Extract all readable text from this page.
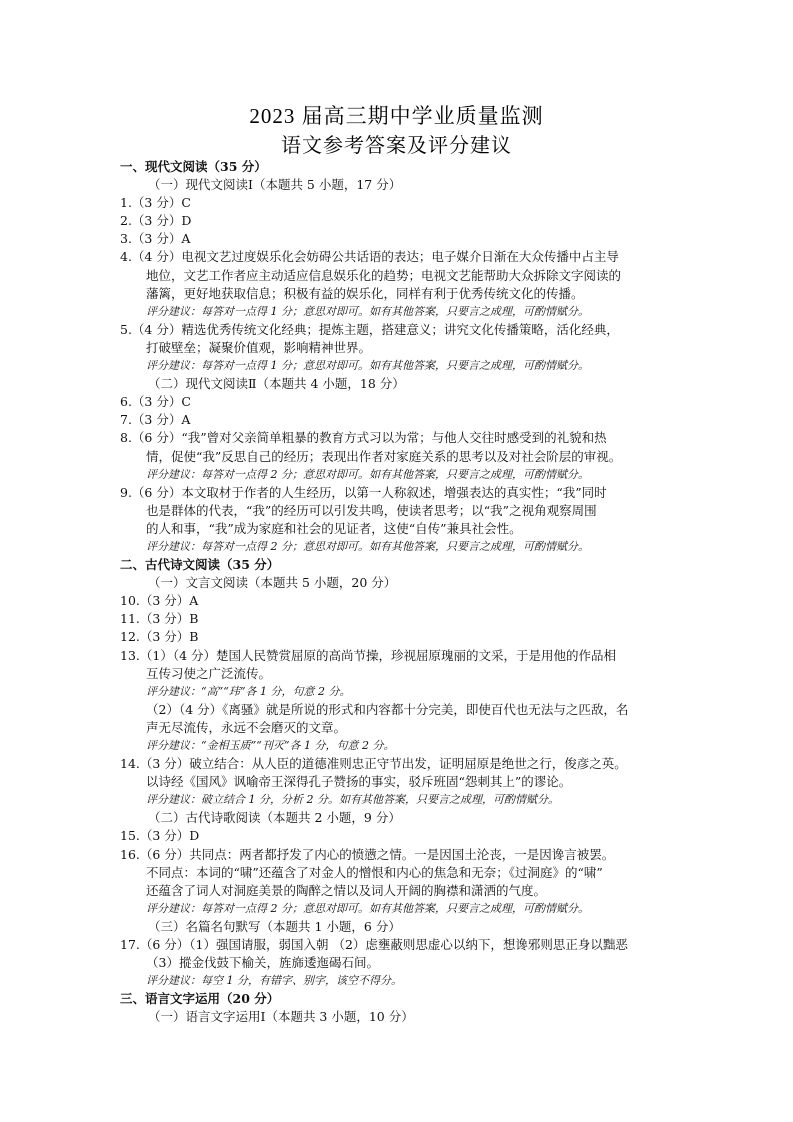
2023 届高三期中学业质量监测
语文参考答案及评分建议
一、现代文阅读（35 分）
（一）现代文阅读Ⅰ（本题共 5 小题，17 分）
1.（3 分）C
2.（3 分）D
3.（3 分）A
4.（4 分）电视文艺过度娱乐化会妨碍公共话语的表达；电子媒介日渐在大众传播中占主导
地位，文艺工作者应主动适应信息娱乐化的趋势；电视文艺能帮助大众拆除文字阅读的
藩篱，更好地获取信息；积极有益的娱乐化，同样有利于优秀传统文化的传播。
评分建议：每答对一点得 1 分；意思对即可。如有其他答案，只要言之成理，可酌情赋分。
5.（4 分）精选优秀传统文化经典；提炼主题，搭建意义；讲究文化传播策略，活化经典，
打破壁垒；凝聚价值观，影响精神世界。
评分建议：每答对一点得 1 分；意思对即可。如有其他答案，只要言之成理，可酌情赋分。
（二）现代文阅读Ⅱ（本题共 4 小题，18 分）
6.（3 分）C
7.（3 分）A
8.（6 分）“我”曾对父亲简单粗暴的教育方式习以为常；与他人交往时感受到的礼貌和热
情，促使“我”反思自己的经历；表现出作者对家庭关系的思考以及对社会阶层的审视。
评分建议：每答对一点得 2 分；意思对即可。如有其他答案，只要言之成理，可酌情赋分。
9.（6 分）本文取材于作者的人生经历，以第一人称叙述，增强表达的真实性；“我”同时
也是群体的代表，“我”的经历可以引发共鸣，使读者思考；以“我”之视角观察周围
的人和事，“我”成为家庭和社会的见证者，这使“自传”兼具社会性。
评分建议：每答对一点得 2 分；意思对即可。如有其他答案，只要言之成理，可酌情赋分。
二、古代诗文阅读（35 分）
（一）文言文阅读（本题共 5 小题，20 分）
10.（3 分）A
11.（3 分）B
12.（3 分）B
13.（1）（4 分）楚国人民赞赏屈原的高尚节操，珍视屈原瑰丽的文采，于是用他的作品相
互传习使之广泛流传。
评分建议：“高”“玮”各 1 分，句意 2 分。
（2）（4 分）《离骚》就是所说的形式和内容都十分完美，即使百代也无法与之匹敌，名
声无尽流传，永远不会磨灭的文章。
评分建议：“金相玉质”“刊灭”各 1 分，句意 2 分。
14.（3 分）破立结合：从人臣的道德准则忠正守节出发，证明屈原是绝世之行，俊彦之英。
以诗经《国风》讽喻帝王深得孔子赞扬的事实，驳斥班固“怨刺其上”的谬论。
评分建议：破立结合 1 分，分析 2 分。如有其他答案，只要言之成理，可酌情赋分。
（二）古代诗歌阅读（本题共 2 小题，9 分）
15.（3 分）D
16.（6 分）共同点：两者都抒发了内心的愤懑之情。一是因国土沦丧，一是因谗言被罢。
不同点：本词的“啸”还蕴含了对金人的憎恨和内心的焦急和无奈；《过洞庭》的“啸”
还蕴含了词人对洞庭美景的陶醉之情以及词人开阔的胸襟和潇洒的气度。
评分建议：每答对一点得 2 分；意思对即可。如有其他答案，只要言之成理，可酌情赋分。
（三）名篇名句默写（本题共 1 小题，6 分）
17.（6 分）（1）强国请服，弱国入朝 （2）虑壅蔽则思虚心以纳下，想谗邪则思正身以黜恶
（3）摐金伐鼓下榆关，旌旆逶迤碣石间。
评分建议：每空 1 分，有错字、别字，该空不得分。
三、语言文字运用（20 分）
（一）语言文字运用Ⅰ（本题共 3 小题，10 分）
